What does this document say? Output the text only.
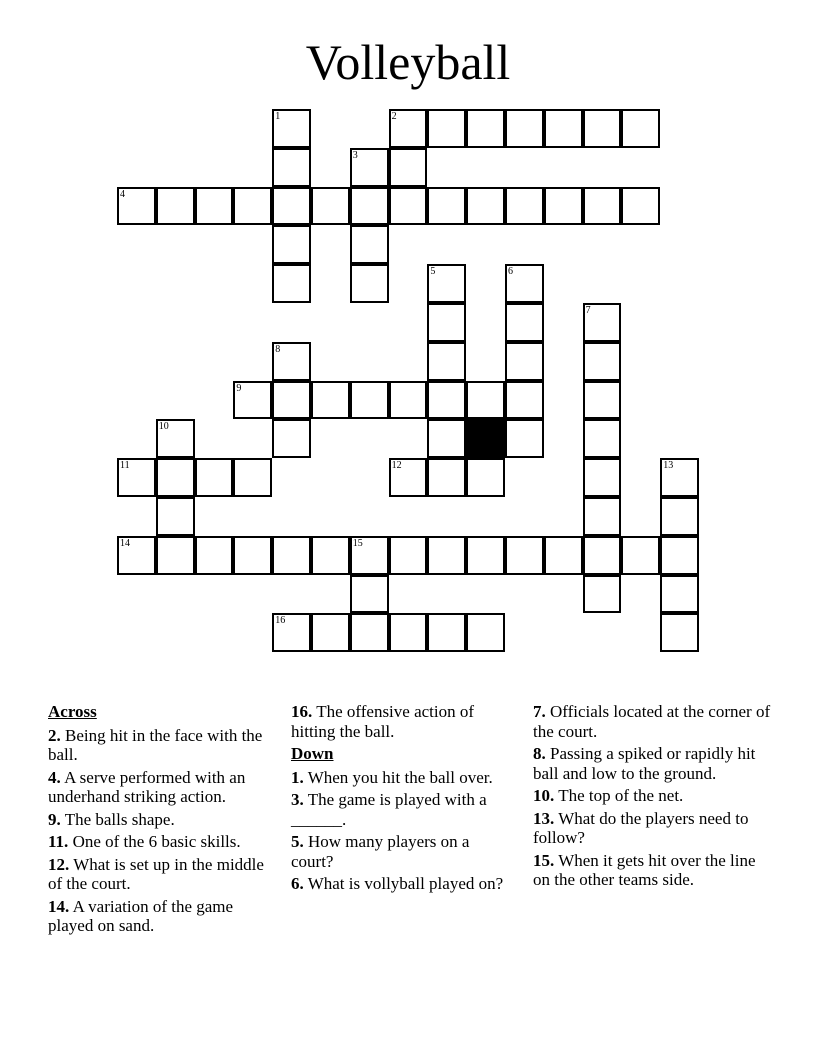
Volleyball
1	2
3
4
5	6
7
8
9
10
11	12	13
14	15
16
Across
2. Being hit in the face with the ball.
4. A serve performed with an underhand striking action.
9. The balls shape.
11. One of the 6 basic skills.
12. What is set up in the middle of the court.
14. A variation of the game played on sand.
16. The offensive action of hitting the ball.
Down
1. When you hit the ball over.
3. The game is played with a ______.
5. How many players on a court?
6. What is vollyball played on?
7. Officials located at the corner of the court.
8. Passing a spiked or rapidly hit ball and low to the ground.
10. The top of the net.
13. What do the players need to follow?
15. When it gets hit over the line on the other teams side.
